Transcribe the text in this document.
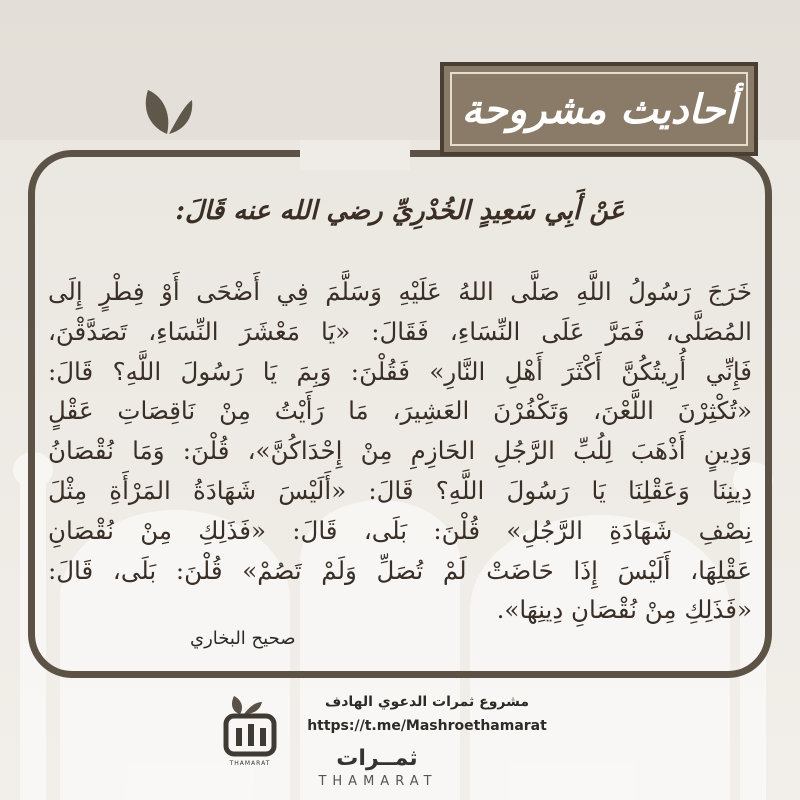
أحاديث مشروحة
عَنْ أَبِي سَعِيدٍ الخُدْرِيِّ رضي الله عنه قَالَ:
خَرَجَ رَسُولُ اللَّهِ صَلَّى اللهُ عَلَيْهِ وَسَلَّمَ فِي أَضْحَى أَوْ فِطْرٍ إِلَى
المُصَلَّى، فَمَرَّ عَلَى النِّسَاءِ، فَقَالَ: «يَا مَعْشَرَ النِّسَاءِ، تَصَدَّقْنَ،
فَإِنِّي أُرِيتُكُنَّ أَكْثَرَ أَهْلِ النَّارِ» فَقُلْنَ: وَبِمَ يَا رَسُولَ اللَّهِ؟ قَالَ:
«تُكْثِرْنَ اللَّعْنَ، وَتَكْفُرْنَ العَشِيرَ، مَا رَأَيْتُ مِنْ نَاقِصَاتِ عَقْلٍ
وَدِينٍ أَذْهَبَ لِلُبِّ الرَّجُلِ الحَازِمِ مِنْ إِحْدَاكُنَّ»، قُلْنَ: وَمَا نُقْصَانُ
دِينِنَا وَعَقْلِنَا يَا رَسُولَ اللَّهِ؟ قَالَ: «أَلَيْسَ شَهَادَةُ المَرْأَةِ مِثْلَ
نِصْفِ شَهَادَةِ الرَّجُلِ» قُلْنَ: بَلَى، قَالَ: «فَذَلِكِ مِنْ نُقْصَانِ
عَقْلِهَا، أَلَيْسَ إِذَا حَاضَتْ لَمْ تُصَلِّ وَلَمْ تَصُمْ» قُلْنَ: بَلَى، قَالَ:
«فَذَلِكِ مِنْ نُقْصَانِ دِينِهَا».
صحيح البخاري
THAMARAT
مشروع ثمرات الدعوي الهادف
https://t.me/Mashroethamarat
ثمــرات
THAMARAT
